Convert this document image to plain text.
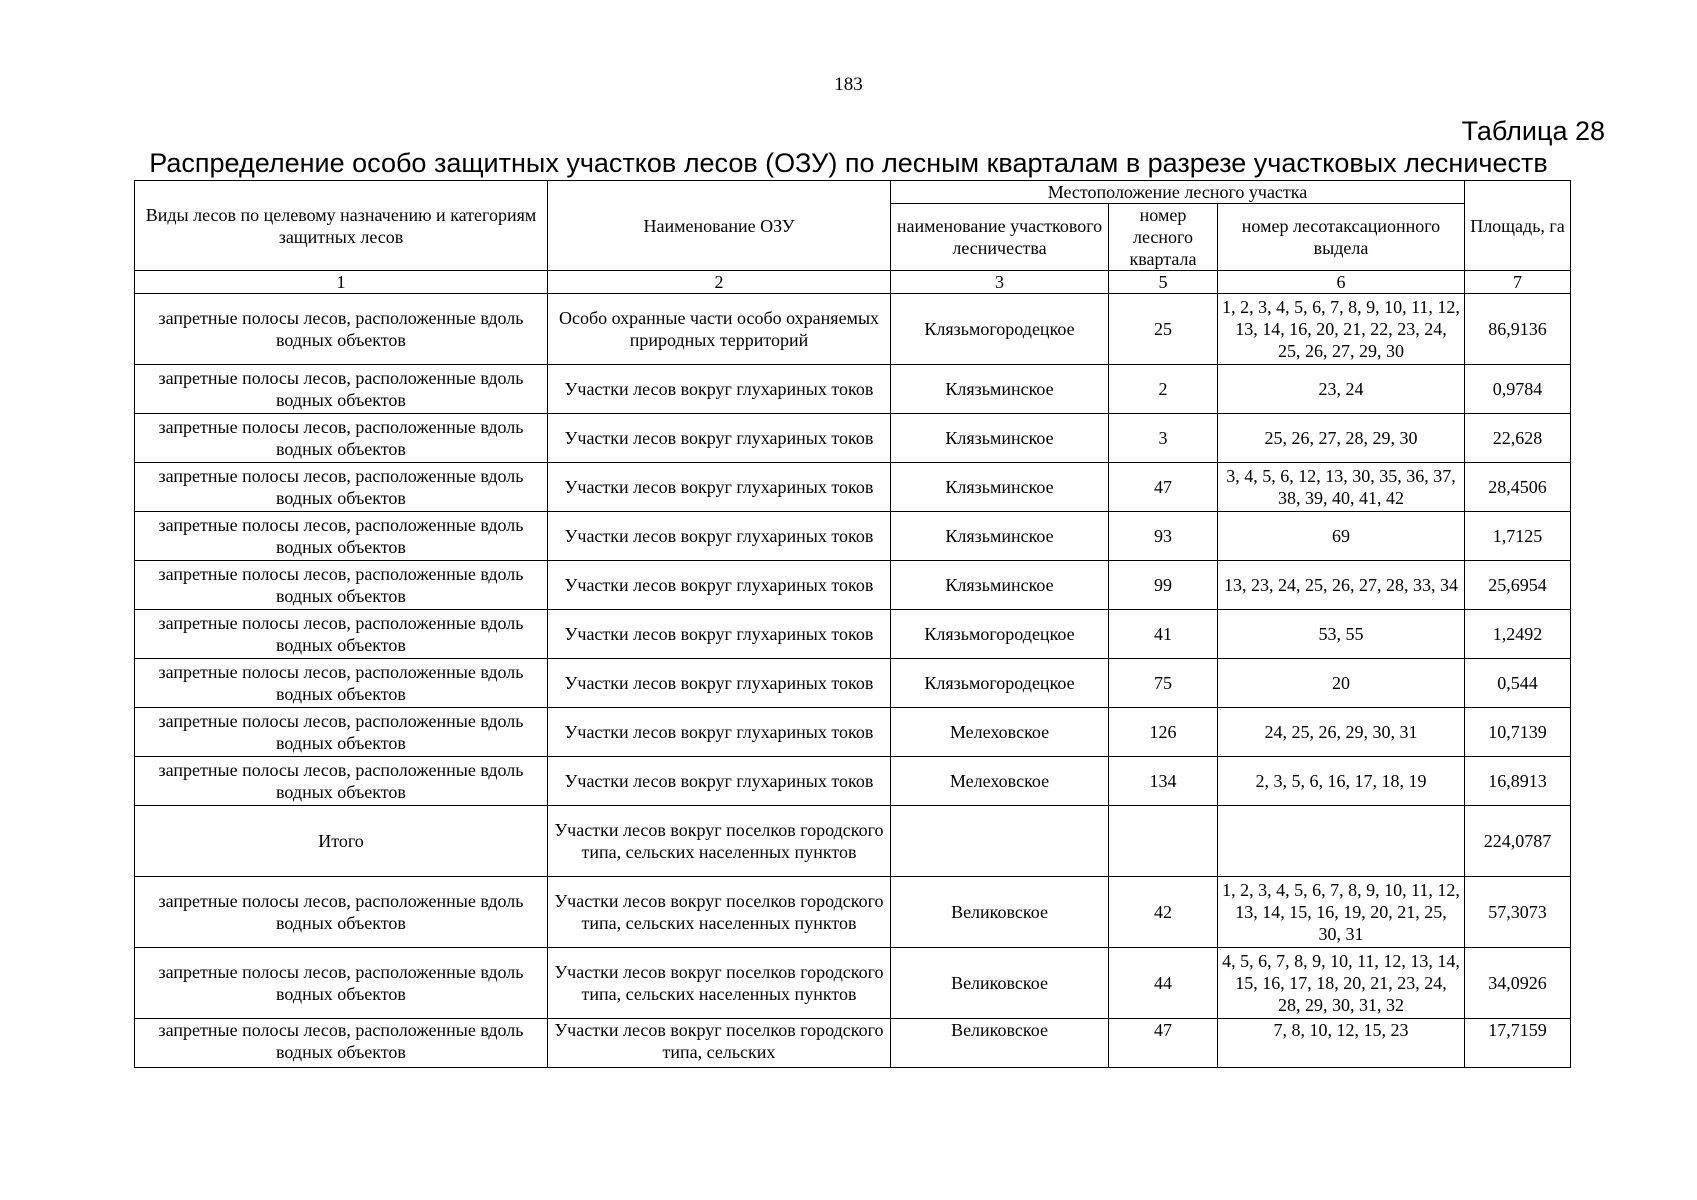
183
Таблица 28
Распределение особо защитных участков лесов (ОЗУ) по лесным кварталам в разрезе участковых лесничеств
Виды лесов по целевому назначению и категориям защитных лесов	Наименование ОЗУ	Местоположение лесного участка			Площадь, га
		наименование участкового лесничества	номер лесного квартала	номер лесотаксационного выдела	
1	2	3	5	6	7
запретные полосы лесов, расположенные вдоль водных объектов	Особо охранные части особо охраняемых природных территорий	Клязьмогородецкое	25	1, 2, 3, 4, 5, 6, 7, 8, 9, 10, 11, 12, 13, 14, 16, 20, 21, 22, 23, 24, 25, 26, 27, 29, 30	86,9136
запретные полосы лесов, расположенные вдоль водных объектов	Участки лесов вокруг глухариных токов	Клязьминское	2	23, 24	0,9784
запретные полосы лесов, расположенные вдоль водных объектов	Участки лесов вокруг глухариных токов	Клязьминское	3	25, 26, 27, 28, 29, 30	22,628
запретные полосы лесов, расположенные вдоль водных объектов	Участки лесов вокруг глухариных токов	Клязьминское	47	3, 4, 5, 6, 12, 13, 30, 35, 36, 37, 38, 39, 40, 41, 42	28,4506
запретные полосы лесов, расположенные вдоль водных объектов	Участки лесов вокруг глухариных токов	Клязьминское	93	69	1,7125
запретные полосы лесов, расположенные вдоль водных объектов	Участки лесов вокруг глухариных токов	Клязьминское	99	13, 23, 24, 25, 26, 27, 28, 33, 34	25,6954
запретные полосы лесов, расположенные вдоль водных объектов	Участки лесов вокруг глухариных токов	Клязьмогородецкое	41	53, 55	1,2492
запретные полосы лесов, расположенные вдоль водных объектов	Участки лесов вокруг глухариных токов	Клязьмогородецкое	75	20	0,544
запретные полосы лесов, расположенные вдоль водных объектов	Участки лесов вокруг глухариных токов	Мелеховское	126	24, 25, 26, 29, 30, 31	10,7139
запретные полосы лесов, расположенные вдоль водных объектов	Участки лесов вокруг глухариных токов	Мелеховское	134	2, 3, 5, 6, 16, 17, 18, 19	16,8913
Итого	Участки лесов вокруг поселков городского типа, сельских населенных пунктов				224,0787
запретные полосы лесов, расположенные вдоль водных объектов	Участки лесов вокруг поселков городского типа, сельских населенных пунктов	Великовское	42	1, 2, 3, 4, 5, 6, 7, 8, 9, 10, 11, 12, 13, 14, 15, 16, 19, 20, 21, 25, 30, 31	57,3073
запретные полосы лесов, расположенные вдоль водных объектов	Участки лесов вокруг поселков городского типа, сельских населенных пунктов	Великовское	44	4, 5, 6, 7, 8, 9, 10, 11, 12, 13, 14, 15, 16, 17, 18, 20, 21, 23, 24, 28, 29, 30, 31, 32	34,0926
запретные полосы лесов, расположенные вдоль водных объектов	Участки лесов вокруг поселков городского типа, сельских	Великовское	47	7, 8, 10, 12, 15, 23	17,7159
